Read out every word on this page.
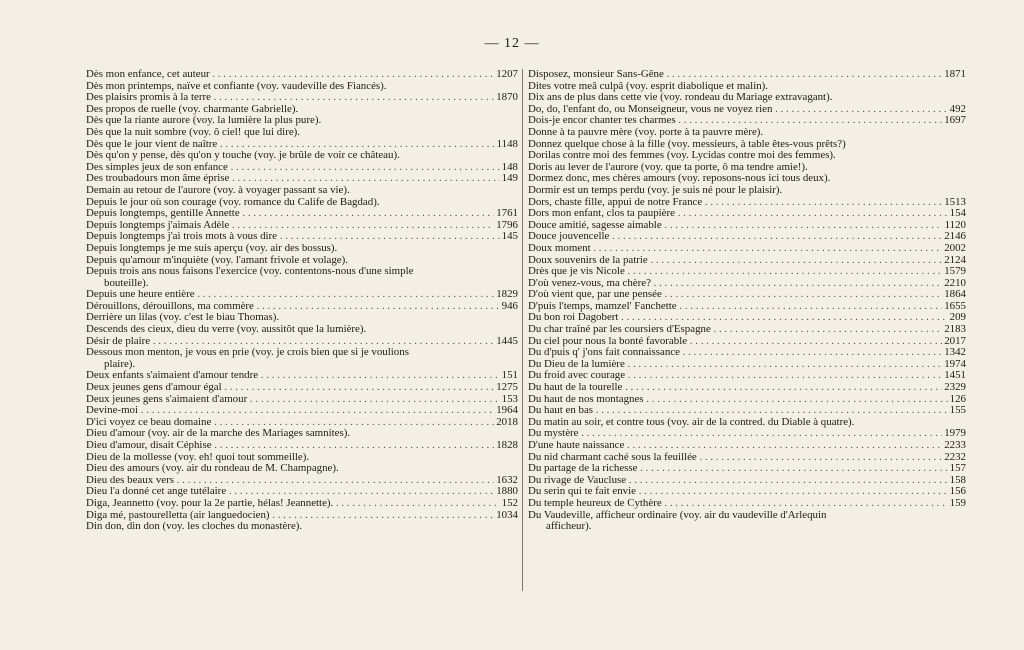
— 12 —
Dès mon enfance, cet auteur . . .	1207
Dès mon printemps, naïve et confiante (voy. vaudeville des Fiancés).
Des plaisirs promis à la terre . . .	1870
Des propos de ruelle (voy. charmante Gabrielle).
Dès que la riante aurore (voy. la lumière la plus pure).
Dès que la nuit sombre (voy. ô ciel! que lui dire).
Dès que le jour vient de naître . . .	1148
Dès qu'on y pense, dès qu'on y touche (voy. je brûle de voir ce château).
Des simples jeux de son enfance . . .	148
Des troubadours mon âme éprise . . .	149
Demain au retour de l'aurore (voy. à voyager passant sa vie).
Depuis le jour où son courage (voy. romance du Calife de Bagdad).
Depuis longtemps, gentille Annette . . .	1761
Depuis longtemps j'aimais Adèle . . .	1796
Depuis longtemps j'ai trois mots à vous dire . . .	145
Depuis longtemps je me suis aperçu (voy. air des bossus).
Depuis qu'amour m'inquiète (voy. l'amant frivole et volage).
Depuis trois ans nous faisons l'exercice (voy. contentons-nous d'une simple
bouteille).
Depuis une heure entière . . .	1829
Dérouillons, dérouillons, ma commère . . .	946
Derrière un lilas (voy. c'est le biau Thomas).
Descends des cieux, dieu du verre (voy. aussitôt que la lumière).
Désir de plaire . . .	1445
Dessous mon menton, je vous en prie (voy. je crois bien que si je voulions
plaire).
Deux enfants s'aimaient d'amour tendre . . .	151
Deux jeunes gens d'amour égal . . .	1275
Deux jeunes gens s'aimaient d'amour . . .	153
Devine-moi . . .	1964
D'ici voyez ce beau domaine . . .	2018
Dieu d'amour (voy. air de la marche des Mariages samnites).
Dieu d'amour, disait Céphise . . .	1828
Dieu de la mollesse (voy. eh! quoi tout sommeille).
Dieu des amours (voy. air du rondeau de M. Champagne).
Dieu des beaux vers . . .	1632
Dieu l'a donné cet ange tutélaire . . .	1880
Diga, Jeannetto (voy. pour la 2e partie, hélas! Jeannette). . . .	152
Diga mé, pastourelletta (air languedocien) . . .	1034
Din don, din don (voy. les cloches du monastère).
Disposez, monsieur Sans-Gêne . . .	1871
Dites votre meâ culpâ (voy. esprit diabolique et malin).
Dix ans de plus dans cette vie (voy. rondeau du Mariage extravagant).
Do, do, l'enfant do, ou Monseigneur, vous ne voyez rien . . .	492
Dois-je encor chanter tes charmes . . .	1697
Donne à ta pauvre mère (voy. porte à ta pauvre mère).
Donnez quelque chose à la fille (voy. messieurs, à table êtes-vous prêts?)
Dorilas contre moi des femmes (voy. Lycidas contre moi des femmes).
Doris au lever de l'aurore (voy. que ta porte, ô ma tendre amie!).
Dormez donc, mes chères amours (voy. reposons-nous ici tous deux).
Dormir est un temps perdu (voy. je suis né pour le plaisir).
Dors, chaste fille, appui de notre France . . .	1513
Dors mon enfant, clos ta paupière . . .	154
Douce amitié, sagesse aimable . . .	1120
Douce jouvencelle . . .	2146
Doux moment . . .	2002
Doux souvenirs de la patrie . . .	2124
Drès que je vis Nicole . . .	1579
D'où venez-vous, ma chère? . . .	2210
D'où vient que, par une pensée . . .	1864
D'puis l'temps, mamzel' Fanchette . . .	1655
Du bon roi Dagobert . . .	209
Du char traîné par les coursiers d'Espagne . . .	2183
Du ciel pour nous la bonté favorable . . .	2017
Du d'puis q' j'ons fait connaissance . . .	1342
Du Dieu de la lumière . . .	1974
Du froid avec courage . . .	1451
Du haut de la tourelle . . .	2329
Du haut de nos montagnes . . .	126
Du haut en bas . . .	155
Du matin au soir, et contre tous (voy. air de la contred. du Diable à quatre).
Du mystère . . .	1979
D'une haute naissance . . .	2233
Du nid charmant caché sous la feuillée . . .	2232
Du partage de la richesse . . .	157
Du rivage de Vaucluse . . .	158
Du serin qui te fait envie . . .	156
Du temple heureux de Cythère . . .	159
Du Vaudeville, afficheur ordinaire (voy. air du vaudeville d'Arlequin
afficheur).
